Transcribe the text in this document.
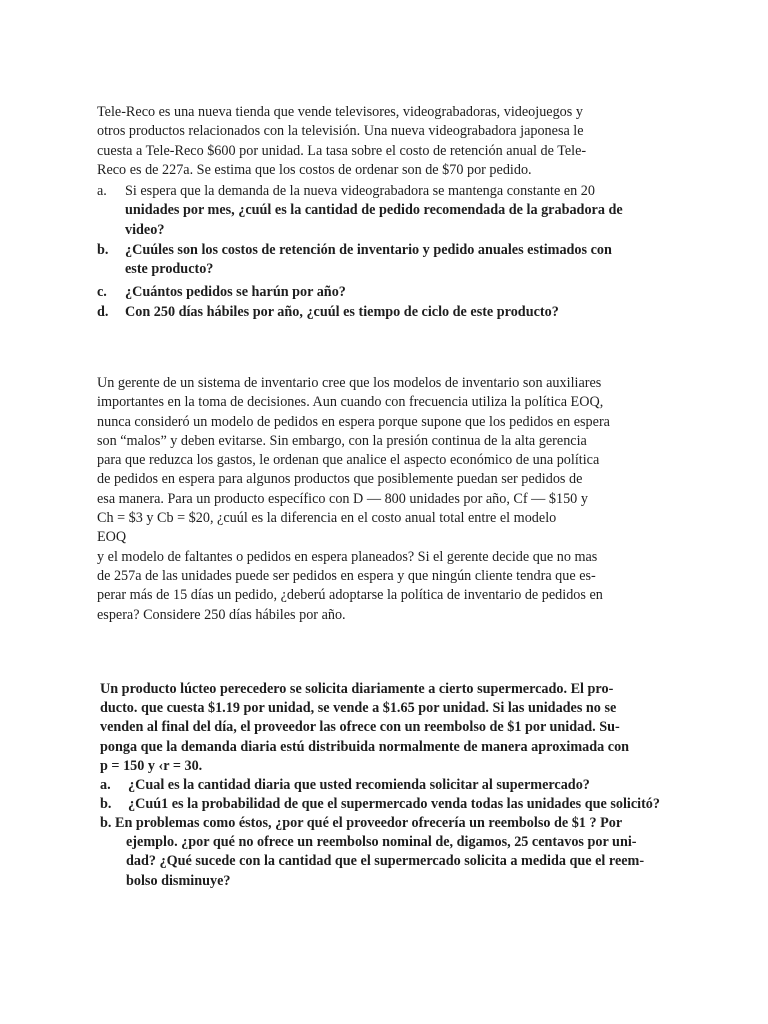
Tele-Reco es una nueva tienda que vende televisores, videograbadoras, videojuegos y
otros productos relacionados con la televisión. Una nueva videograbadora japonesa le
cuesta a Tele-Reco $600 por unidad. La tasa sobre el costo de retención anual de Tele-
Reco es de 227a. Se estima que los costos de ordenar son de $70 por pedido.
a. Si espera que la demanda de la nueva videograbadora se mantenga constante en 20
unidades por mes, ¿cuúl es la cantidad de pedido recomendada de la grabadora de
video?
b. ¿Cuúles son los costos de retención de inventario y pedido anuales estimados con
este producto?
c. ¿Cuántos pedidos se harún por año?
d. Con 250 días hábiles por año, ¿cuúl es tiempo de ciclo de este producto?
Un gerente de un sistema de inventario cree que los modelos de inventario son auxiliares
importantes en la toma de decisiones. Aun cuando con frecuencia utiliza la política EOQ,
nunca consideró un modelo de pedidos en espera porque supone que los pedidos en espera
son “malos” y deben evitarse. Sin embargo, con la presión continua de la alta gerencia
para que reduzca los gastos, le ordenan que analice el aspecto económico de una política
de pedidos en espera para algunos productos que posiblemente puedan ser pedidos de
esa manera. Para un producto específico con D — 800 unidades por año, Cf — $150 y
Ch = $3 y Cb = $20, ¿cuúl es la diferencia en el costo anual total entre el modelo
EOQ
y el modelo de faltantes o pedidos en espera planeados? Si el gerente decide que no mas
de 257a de las unidades puede ser pedidos en espera y que ningún cliente tendra que es-
perar más de 15 días un pedido, ¿deberú adoptarse la política de inventario de pedidos en
espera? Considere 250 días hábiles por año.
Un producto lúcteo perecedero se solicita diariamente a cierto supermercado. El pro-
ducto. que cuesta $1.19 por unidad, se vende a $1.65 por unidad. Si las unidades no se
venden al final del día, el proveedor las ofrece con un reembolso de $1 por unidad. Su-
ponga que la demanda diaria estú distribuida normalmente de manera aproximada con
p = 150 y ‹r = 30.
a. ¿Cual es la cantidad diaria que usted recomienda solicitar al supermercado?
b. ¿Cuú1 es la probabilidad de que el supermercado venda todas las unidades que solicitó?
b. En problemas como éstos, ¿por qué el proveedor ofrecería un reembolso de $1 ? Por
ejemplo. ¿por qué no ofrece un reembolso nominal de, digamos, 25 centavos por uni-
dad? ¿Qué sucede con la cantidad que el supermercado solicita a medida que el reem-
bolso disminuye?
